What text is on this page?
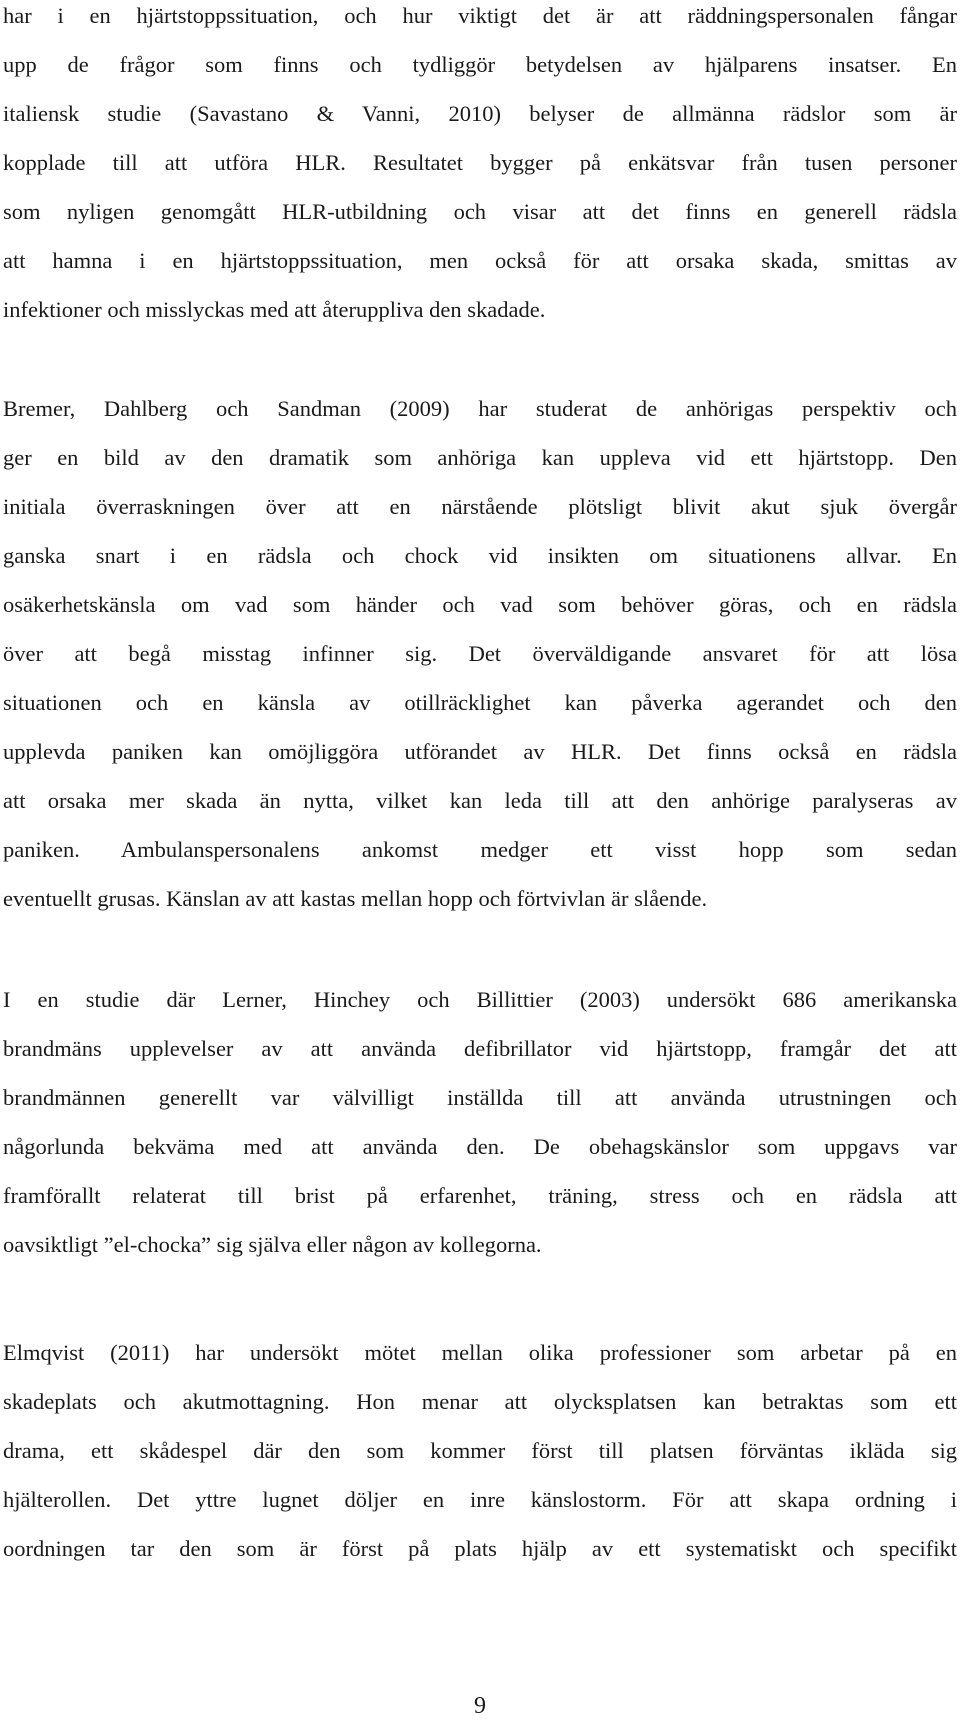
har i en hjärtstoppssituation, och hur viktigt det är att räddningspersonalen fångar
upp de frågor som finns och tydliggör betydelsen av hjälparens insatser. En
italiensk studie (Savastano & Vanni, 2010) belyser de allmänna rädslor som är
kopplade till att utföra HLR. Resultatet bygger på enkätsvar från tusen personer
som nyligen genomgått HLR-utbildning och visar att det finns en generell rädsla
att hamna i en hjärtstoppssituation, men också för att orsaka skada, smittas av
infektioner och misslyckas med att återuppliva den skadade.
Bremer, Dahlberg och Sandman (2009) har studerat de anhörigas perspektiv och
ger en bild av den dramatik som anhöriga kan uppleva vid ett hjärtstopp. Den
initiala överraskningen över att en närstående plötsligt blivit akut sjuk övergår
ganska snart i en rädsla och chock vid insikten om situationens allvar. En
osäkerhetskänsla om vad som händer och vad som behöver göras, och en rädsla
över att begå misstag infinner sig. Det överväldigande ansvaret för att lösa
situationen och en känsla av otillräcklighet kan påverka agerandet och den
upplevda paniken kan omöjliggöra utförandet av HLR. Det finns också en rädsla
att orsaka mer skada än nytta, vilket kan leda till att den anhörige paralyseras av
paniken. Ambulanspersonalens ankomst medger ett visst hopp som sedan
eventuellt grusas. Känslan av att kastas mellan hopp och förtvivlan är slående.
I en studie där Lerner, Hinchey och Billittier (2003) undersökt 686 amerikanska
brandmäns upplevelser av att använda defibrillator vid hjärtstopp, framgår det att
brandmännen generellt var välvilligt inställda till att använda utrustningen och
någorlunda bekväma med att använda den. De obehagskänslor som uppgavs var
framförallt relaterat till brist på erfarenhet, träning, stress och en rädsla att
oavsiktligt ”el-chocka” sig själva eller någon av kollegorna.
Elmqvist (2011) har undersökt mötet mellan olika professioner som arbetar på en
skadeplats och akutmottagning. Hon menar att olycksplatsen kan betraktas som ett
drama, ett skådespel där den som kommer först till platsen förväntas ikläda sig
hjälterollen. Det yttre lugnet döljer en inre känslostorm. För att skapa ordning i
oordningen tar den som är först på plats hjälp av ett systematiskt och specifikt
9
